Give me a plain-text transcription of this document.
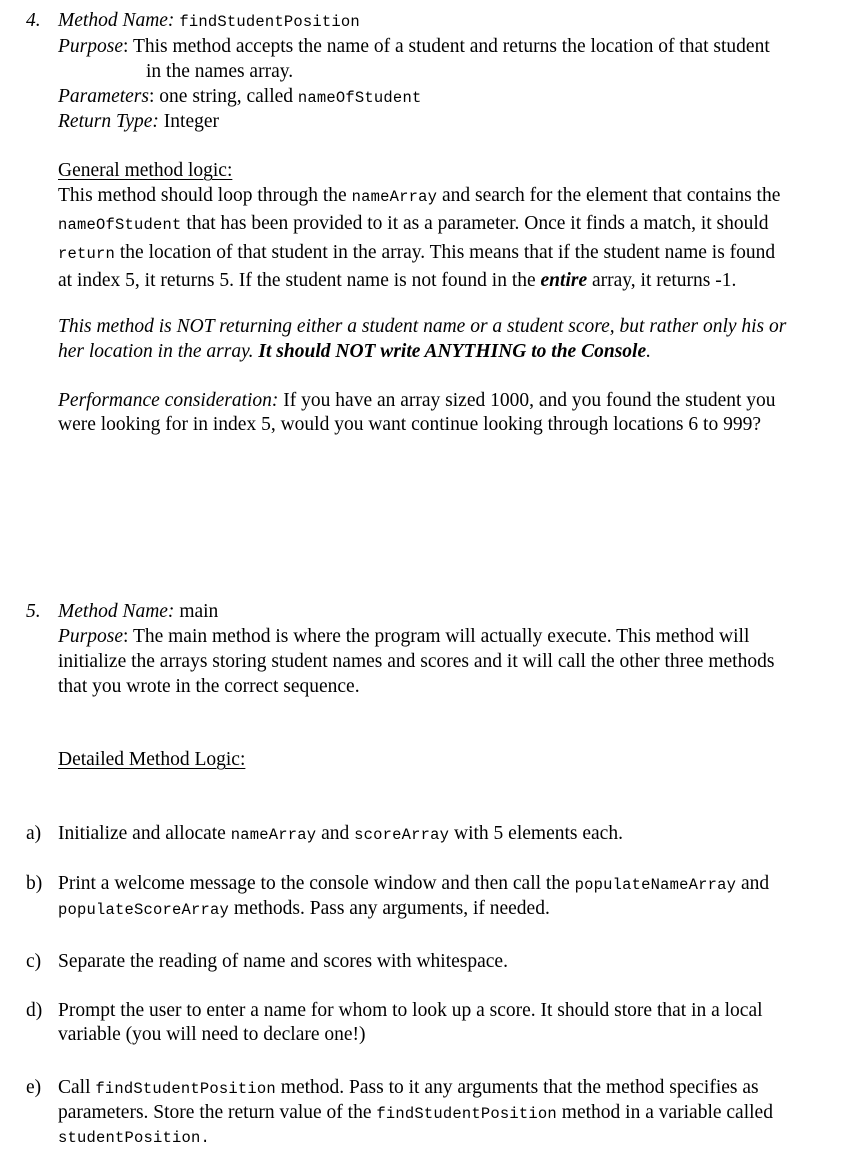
4. Method Name: findStudentPosition
Purpose: This method accepts the name of a student and returns the location of that student
in the names array.
Parameters: one string, called nameOfStudent
Return Type: Integer
General method logic:
This method should loop through the nameArray and search for the element that contains the
nameOfStudent that has been provided to it as a parameter. Once it finds a match, it should
return the location of that student in the array. This means that if the student name is found
at index 5, it returns 5. If the student name is not found in the entire array, it returns -1.
This method is NOT returning either a student name or a student score, but rather only his or
her location in the array. It should NOT write ANYTHING to the Console.
Performance consideration: If you have an array sized 1000, and you found the student you
were looking for in index 5, would you want continue looking through locations 6 to 999?
5. Method Name: main
Purpose: The main method is where the program will actually execute. This method will
initialize the arrays storing student names and scores and it will call the other three methods
that you wrote in the correct sequence.
Detailed Method Logic:
a) Initialize and allocate nameArray and scoreArray with 5 elements each.
b) Print a welcome message to the console window and then call the populateNameArray and
populateScoreArray methods. Pass any arguments, if needed.
c) Separate the reading of name and scores with whitespace.
d) Prompt the user to enter a name for whom to look up a score. It should store that in a local
variable (you will need to declare one!)
e) Call findStudentPosition method. Pass to it any arguments that the method specifies as
parameters. Store the return value of the findStudentPosition method in a variable called
studentPosition.
